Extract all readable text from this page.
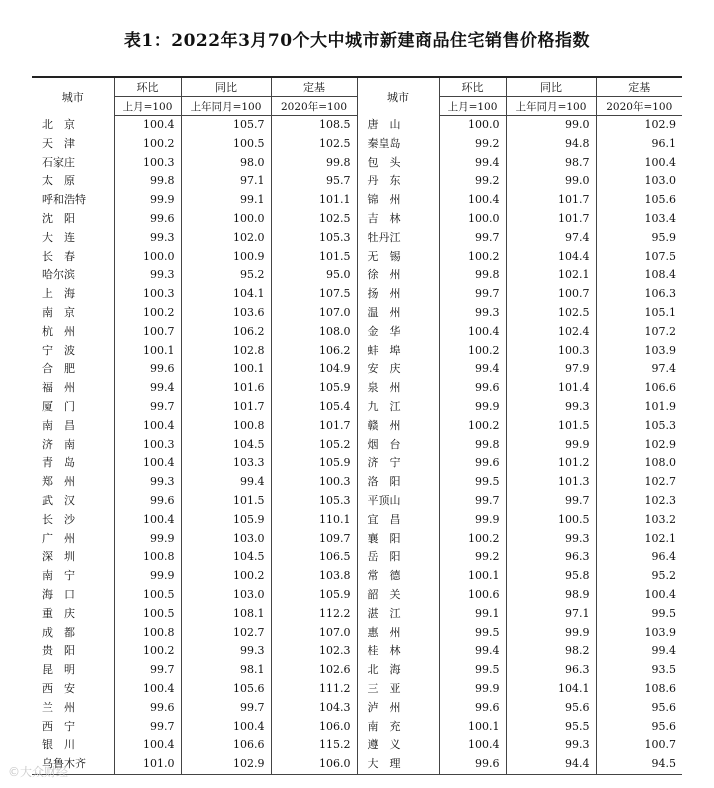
表1：2022年3月70个大中城市新建商品住宅销售价格指数
城市	环比	同比	定基	城市	环比	同比	定基
	上月=100	上年同月=100	2020年=100		上月=100	上年同月=100	2020年=100
北　京	100.4	105.7	108.5	唐　山	100.0	99.0	102.9
天　津	100.2	100.5	102.5	秦皇岛	99.2	94.8	96.1
石家庄	100.3	98.0	99.8	包　头	99.4	98.7	100.4
太　原	99.8	97.1	95.7	丹　东	99.2	99.0	103.0
呼和浩特	99.9	99.1	101.1	锦　州	100.4	101.7	105.6
沈　阳	99.6	100.0	102.5	吉　林	100.0	101.7	103.4
大　连	99.3	102.0	105.3	牡丹江	99.7	97.4	95.9
长　春	100.0	100.9	101.5	无　锡	100.2	104.4	107.5
哈尔滨	99.3	95.2	95.0	徐　州	99.8	102.1	108.4
上　海	100.3	104.1	107.5	扬　州	99.7	100.7	106.3
南　京	100.2	103.6	107.0	温　州	99.3	102.5	105.1
杭　州	100.7	106.2	108.0	金　华	100.4	102.4	107.2
宁　波	100.1	102.8	106.2	蚌　埠	100.2	100.3	103.9
合　肥	99.6	100.1	104.9	安　庆	99.4	97.9	97.4
福　州	99.4	101.6	105.9	泉　州	99.6	101.4	106.6
厦　门	99.7	101.7	105.4	九　江	99.9	99.3	101.9
南　昌	100.4	100.8	101.7	赣　州	100.2	101.5	105.3
济　南	100.3	104.5	105.2	烟　台	99.8	99.9	102.9
青　岛	100.4	103.3	105.9	济　宁	99.6	101.2	108.0
郑　州	99.3	99.4	100.3	洛　阳	99.5	101.3	102.7
武　汉	99.6	101.5	105.3	平顶山	99.7	99.7	102.3
长　沙	100.4	105.9	110.1	宜　昌	99.9	100.5	103.2
广　州	99.9	103.0	109.7	襄　阳	100.2	99.3	102.1
深　圳	100.8	104.5	106.5	岳　阳	99.2	96.3	96.4
南　宁	99.9	100.2	103.8	常　德	100.1	95.8	95.2
海　口	100.5	103.0	105.9	韶　关	100.6	98.9	100.4
重　庆	100.5	108.1	112.2	湛　江	99.1	97.1	99.5
成　都	100.8	102.7	107.0	惠　州	99.5	99.9	103.9
贵　阳	100.2	99.3	102.3	桂　林	99.4	98.2	99.4
昆　明	99.7	98.1	102.6	北　海	99.5	96.3	93.5
西　安	100.4	105.6	111.2	三　亚	99.9	104.1	108.6
兰　州	99.6	99.7	104.3	泸　州	99.6	95.6	95.6
西　宁	99.7	100.4	106.0	南　充	100.1	95.5	95.6
银　川	100.4	106.6	115.2	遵　义	100.4	99.3	100.7
乌鲁木齐	101.0	102.9	106.0	大　理	99.6	94.4	94.5
©大众财经
